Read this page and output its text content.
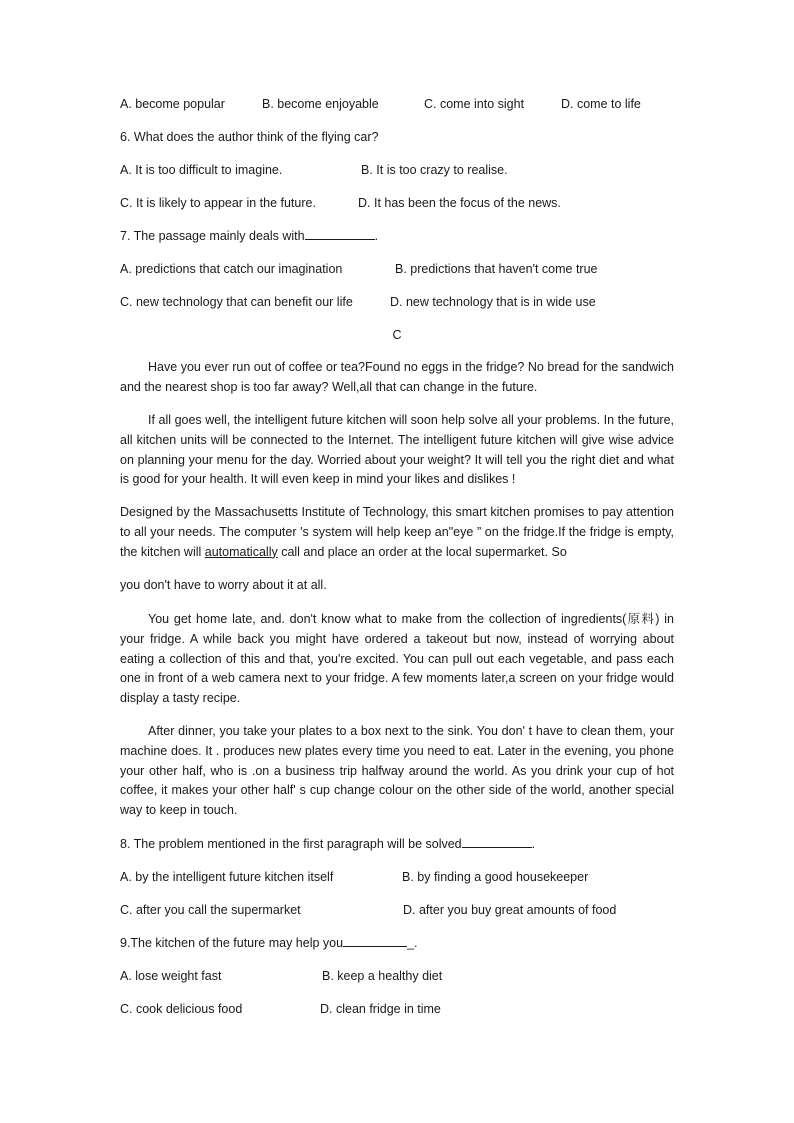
A. become popular	B. become enjoyable	C. come into sight	D. come to life
6. What does the author think of the flying car?
A. It is too difficult to imagine.	B. It is too crazy to realise.
C. It is likely to appear in the future.	D. It has been the focus of the news.
7. The passage mainly deals with	.
A. predictions that catch our imagination	B. predictions that haven't come true
C. new technology that can benefit our life	D. new technology that is in wide use
C

Have you ever run out of coffee or tea?Found no eggs in the fridge? No bread for the sandwich and the nearest shop is too far away? Well,all that can change in the future.

If all goes well, the intelligent future kitchen will soon help solve all your problems. In the future, all kitchen units will be connected to the Internet. The intelligent future kitchen will give wise advice on planning your menu for the day. Worried about your weight? It will tell you the right diet and what is good for your health. It will even keep in mind your likes and dislikes !

Designed by the Massachusetts Institute of Technology, this smart kitchen promises to pay attention to all your needs. The computer 's system will help keep an"eye ” on the fridge.If the fridge is empty, the kitchen will automatically call and place an order at the local supermarket. So

you don't have to worry about it at all.

You get home late, and. don't know what to make from the collection of ingredients(原料) in your fridge. A while back you might have ordered a takeout but now, instead of worrying about eating a collection of this and that, you're excited. You can pull out each vegetable, and pass each one in front of a web camera next to your fridge. A few moments later,a screen on your fridge would display a tasty recipe.

After dinner, you take your plates to a box next to the sink. You don' t have to clean them, your machine does. It . produces new plates every time you need to eat. Later in the evening, you phone your other half, who is .on a business trip halfway around the world. As you drink your cup of hot coffee, it makes your other half' s cup change colour on the other side of the world, another special way to keep in touch.

8. The problem mentioned in the first paragraph will be solved	.
A. by the intelligent future kitchen itself	B. by finding a good housekeeper
C. after you call the supermarket	D. after you buy great amounts of food
9.The kitchen of the future may help you	_.
A. lose weight fast	B. keep a healthy diet
C. cook delicious food	D. clean fridge in time
